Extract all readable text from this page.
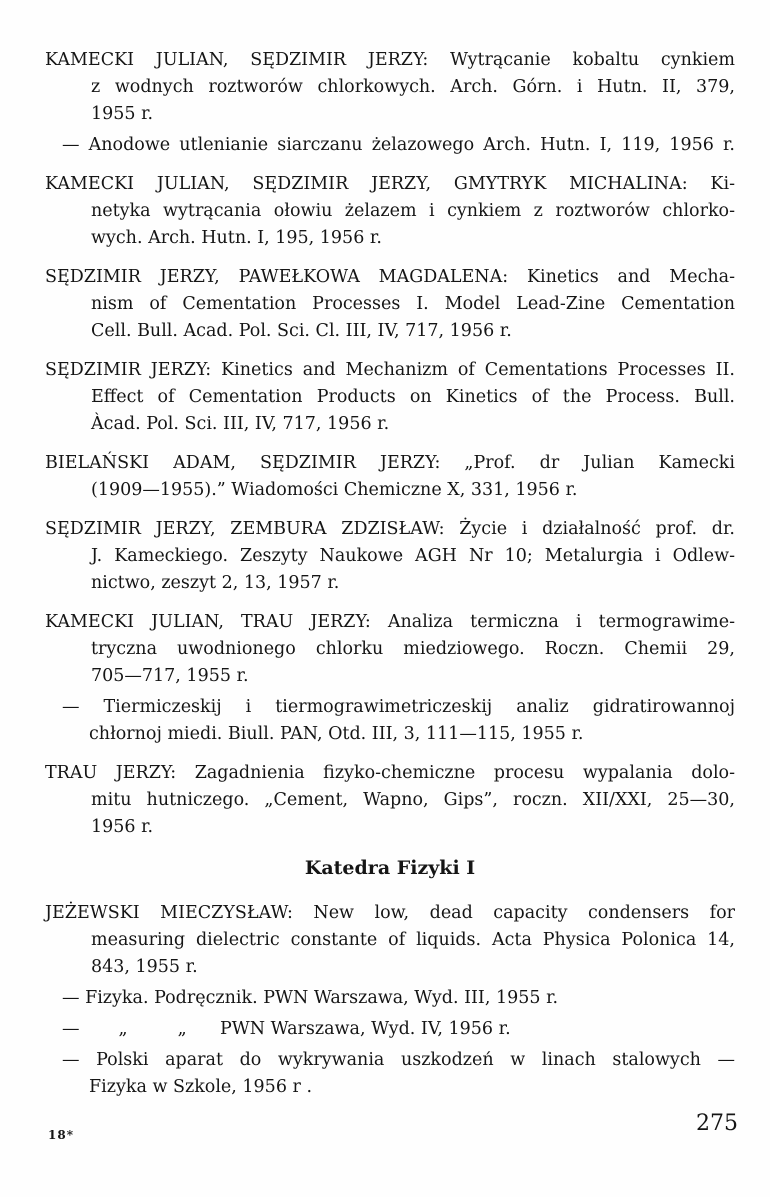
KAMECKI JULIAN, SĘDZIMIR JERZY: Wytrącanie kobaltu cynkiem
z wodnych roztworów chlorkowych. Arch. Górn. i Hutn. II, 379,
1955 r.
— Anodowe utlenianie siarczanu żelazowego Arch. Hutn. I, 119, 1956 r.
KAMECKI JULIAN, SĘDZIMIR JERZY, GMYTRYK MICHALINA: Ki-
netyka wytrącania ołowiu żelazem i cynkiem z roztworów chlorko-
wych. Arch. Hutn. I, 195, 1956 r.
SĘDZIMIR JERZY, PAWEŁKOWA MAGDALENA: Kinetics and Mecha-
nism of Cementation Processes I. Model Lead-Zine Cementation
Cell. Bull. Acad. Pol. Sci. Cl. III, IV, 717, 1956 r.
SĘDZIMIR JERZY: Kinetics and Mechanizm of Cementations Processes II.
Effect of Cementation Products on Kinetics of the Process. Bull.
Àcad. Pol. Sci. III, IV, 717, 1956 r.
BIELAŃSKI ADAM, SĘDZIMIR JERZY: „Prof. dr Julian Kamecki
(1909—1955).” Wiadomości Chemiczne X, 331, 1956 r.
SĘDZIMIR JERZY, ZEMBURA ZDZISŁAW: Życie i działalność prof. dr.
J. Kameckiego. Zeszyty Naukowe AGH Nr 10; Metalurgia i Odlew-
nictwo, zeszyt 2, 13, 1957 r.
KAMECKI JULIAN, TRAU JERZY: Analiza termiczna i termograwime-
tryczna uwodnionego chlorku miedziowego. Roczn. Chemii 29,
705—717, 1955 r.
— Tiermiczeskij i tiermograwimetriczeskij analiz gidratirowannoj
chłornoj miedi. Biull. PAN, Otd. III, 3, 111—115, 1955 r.
TRAU JERZY: Zagadnienia fizyko-chemiczne procesu wypalania dolo-
mitu hutniczego. „Cement, Wapno, Gips”, roczn. XII/XXI, 25—30,
1956 r.
Katedra Fizyki I
JEŻEWSKI MIECZYSŁAW: New low, dead capacity condensers for
measuring dielectric constante of liquids. Acta Physica Polonica 14,
843, 1955 r.
— Fizyka. Podręcznik. PWN Warszawa, Wyd. III, 1955 r.
—       „         „      PWN Warszawa, Wyd. IV, 1956 r.
— Polski aparat do wykrywania uszkodzeń w linach stalowych —
Fizyka w Szkole, 1956 r .
18*	275
